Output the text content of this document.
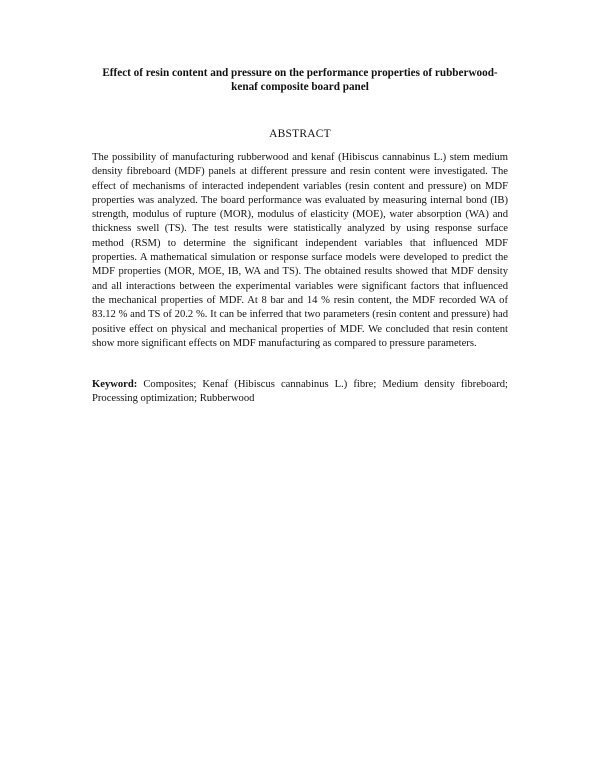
Effect of resin content and pressure on the performance properties of rubberwood-kenaf composite board panel
ABSTRACT

The possibility of manufacturing rubberwood and kenaf (Hibiscus cannabinus L.) stem medium density fibreboard (MDF) panels at different pressure and resin content were investigated. The effect of mechanisms of interacted independent variables (resin content and pressure) on MDF properties was analyzed. The board performance was evaluated by measuring internal bond (IB) strength, modulus of rupture (MOR), modulus of elasticity (MOE), water absorption (WA) and thickness swell (TS). The test results were statistically analyzed by using response surface method (RSM) to determine the significant independent variables that influenced MDF properties. A mathematical simulation or response surface models were developed to predict the MDF properties (MOR, MOE, IB, WA and TS). The obtained results showed that MDF density and all interactions between the experimental variables were significant factors that influenced the mechanical properties of MDF. At 8 bar and 14 % resin content, the MDF recorded WA of 83.12 % and TS of 20.2 %. It can be inferred that two parameters (resin content and pressure) had positive effect on physical and mechanical properties of MDF. We concluded that resin content show more significant effects on MDF manufacturing as compared to pressure parameters.

Keyword: Composites; Kenaf (Hibiscus cannabinus L.) fibre; Medium density fibreboard; Processing optimization; Rubberwood
